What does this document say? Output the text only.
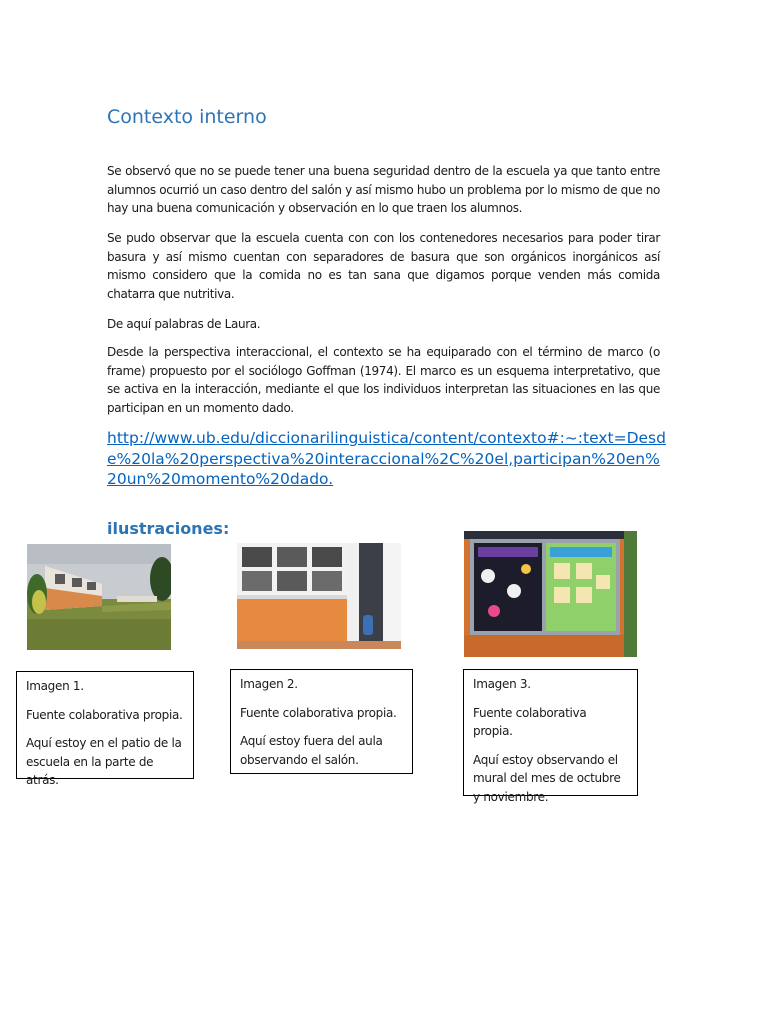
Contexto interno

Se observó que no se puede tener una buena seguridad dentro de la escuela ya que tanto entre alumnos ocurrió un caso dentro del salón y así mismo hubo un problema por lo mismo de que no hay una buena comunicación y observación en lo que traen los alumnos.

Se pudo observar que la escuela cuenta con con los contenedores necesarios para poder tirar basura y así mismo cuentan con separadores de basura que son orgánicos inorgánicos así mismo considero que la comida no es tan sana que digamos porque venden más comida chatarra que nutritiva.

De aquí palabras de Laura.

Desde la perspectiva interaccional, el contexto se ha equiparado con el término de marco (o frame) propuesto por el sociólogo Goffman (1974). El marco es un esquema interpretativo, que se activa en la interacción, mediante el que los individuos interpretan las situaciones en las que participan en un momento dado.

http://www.ub.edu/diccionarilinguistica/content/contexto#:~:text=Desde%20la%20perspectiva%20interaccional%2C%20el,participan%20en%20un%20momento%20dado.

ilustraciones:

Imagen 1.

Fuente colaborativa propia.

Aquí estoy en el patio de la escuela en la parte de atrás.

Imagen 2.

Fuente colaborativa propia.

Aquí estoy fuera del aula observando el salón.

Imagen 3.

Fuente colaborativa propia.

Aquí estoy observando el mural del mes de octubre y noviembre.
